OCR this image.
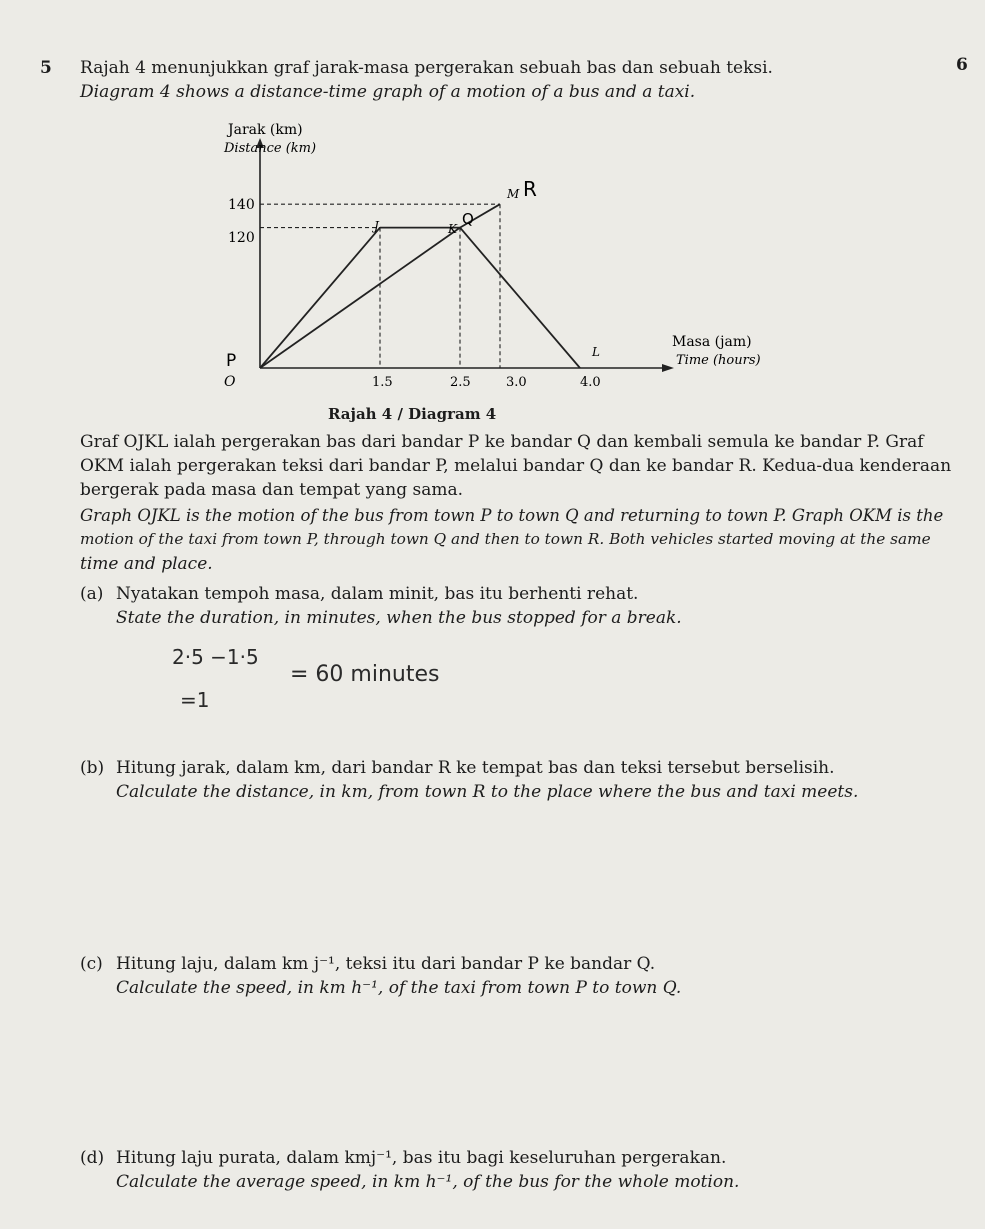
5 Rajah 4 menunjukkan graf jarak-masa pergerakan sebuah bas dan sebuah teksi.	6
Diagram 4 shows a distance-time graph of a motion of a bus and a taxi.
Jarak (km)
Distance (km)
Masa (jam)
Time (hours)
140
120
O	1.5	2.5	3.0	4.0
J	K
M
L
P
Q
R
Rajah 4 / Diagram 4
Graf OJKL ialah pergerakan bas dari bandar P ke bandar Q dan kembali semula ke bandar P. Graf
OKM ialah pergerakan teksi dari bandar P, melalui bandar Q dan ke bandar R. Kedua-dua kenderaan
bergerak pada masa dan tempat yang sama.
Graph OJKL is the motion of the bus from town P to town Q and returning to town P. Graph OKM is the
motion of the taxi from town P, through town Q and then to town R. Both vehicles started moving at the same
time and place.
(a) Nyatakan tempoh masa, dalam minit, bas itu berhenti rehat.
State the duration, in minutes, when the bus stopped for a break.
2·5 −1·5
= 60 minutes
=1
(b) Hitung jarak, dalam km, dari bandar R ke tempat bas dan teksi tersebut berselisih.
Calculate the distance, in km, from town R to the place where the bus and taxi meets.
(c) Hitung laju, dalam km j⁻¹, teksi itu dari bandar P ke bandar Q.
Calculate the speed, in km h⁻¹, of the taxi from town P to town Q.
(d) Hitung laju purata, dalam kmj⁻¹, bas itu bagi keseluruhan pergerakan.
Calculate the average speed, in km h⁻¹, of the bus for the whole motion.
